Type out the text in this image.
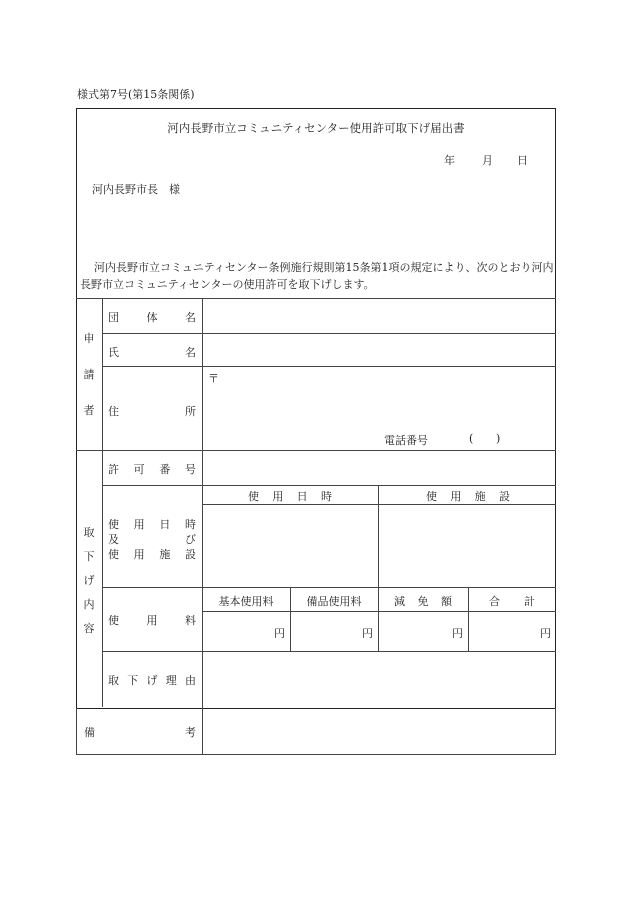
様式第7号(第15条関係)
河内長野市立コミュニティセンター使用許可取下げ届出書
年 月 日
河内長野市長　様
河内長野市立コミュニティセンター条例施行規則第15条第1項の規定により、次のとおり河内長野市立コミュニティセンターの使用許可を取下げします。
申
請
者
団	体	名
氏	名
住	所
〒
電話番号	( )
取
下
げ
内
容
許 可 番 号
使 用 日 時
及	び
使 用 施 設
使 用 日 時	使 用 施 設
使	用	料
基本使用料	備品使用料	減 免 額	合 計
円	円	円	円
取 下 げ 理 由
備	考
